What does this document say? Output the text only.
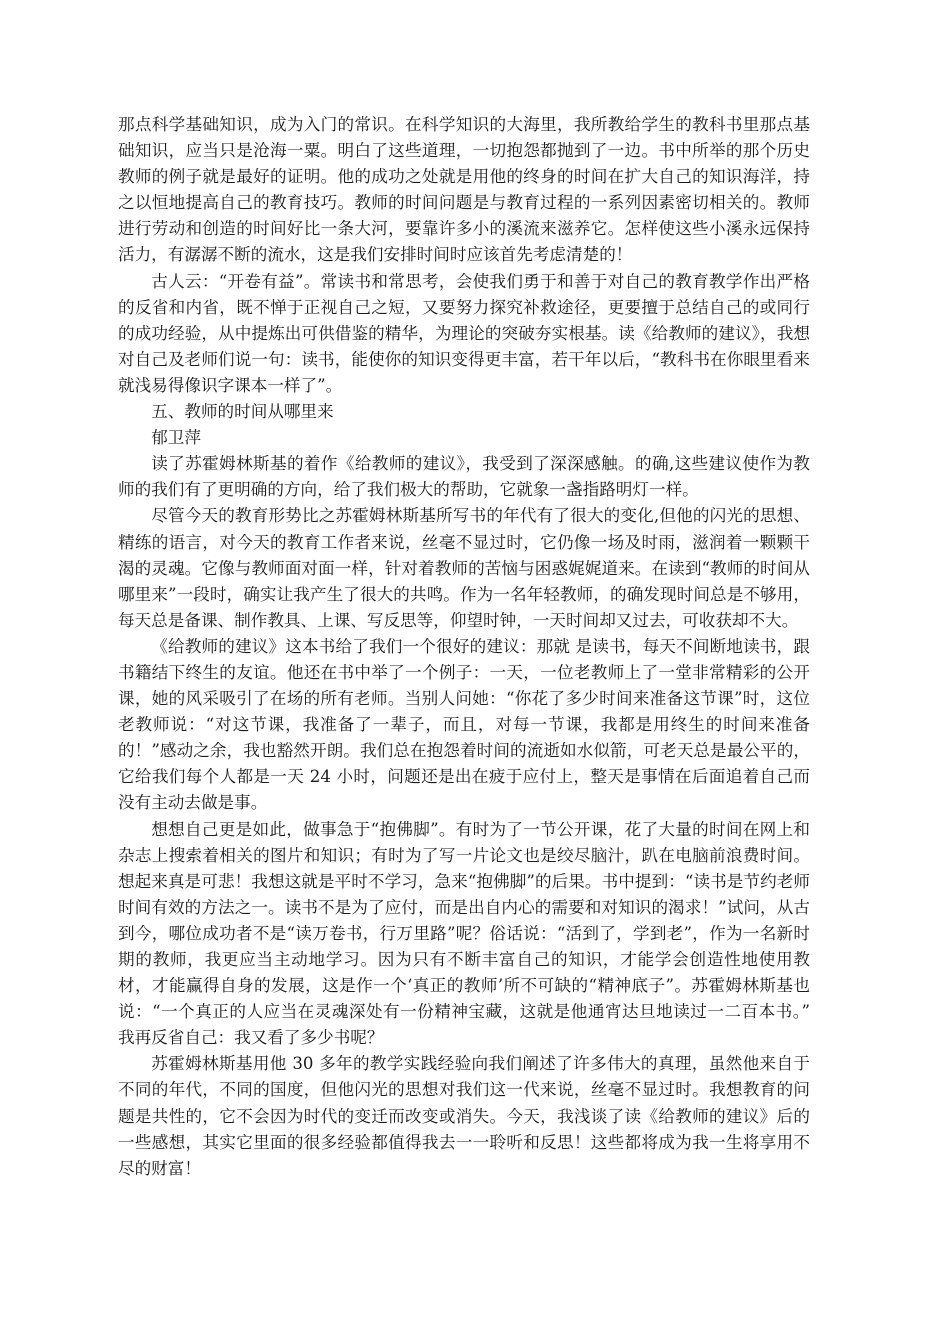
那点科学基础知识，成为入门的常识。在科学知识的大海里，我所教给学生的教科书里那点基础知识，应当只是沧海一粟。明白了这些道理，一切抱怨都抛到了一边。书中所举的那个历史教师的例子就是最好的证明。他的成功之处就是用他的终身的时间在扩大自己的知识海洋，持之以恒地提高自己的教育技巧。教师的时间问题是与教育过程的一系列因素密切相关的。教师进行劳动和创造的时间好比一条大河，要靠许多小的溪流来滋养它。怎样使这些小溪永远保持活力，有潺潺不断的流水，这是我们安排时间时应该首先考虑清楚的！

古人云：“开卷有益”。常读书和常思考，会使我们勇于和善于对自己的教育教学作出严格的反省和内省，既不惮于正视自己之短，又要努力探究补救途径，更要擅于总结自己的或同行的成功经验，从中提炼出可供借鉴的精华，为理论的突破夯实根基。读《给教师的建议》，我想对自己及老师们说一句：读书，能使你的知识变得更丰富，若干年以后，“教科书在你眼里看来就浅易得像识字课本一样了”。

五、教师的时间从哪里来

郁卫萍

读了苏霍姆林斯基的着作《给教师的建议》，我受到了深深感触。的确,这些建议使作为教师的我们有了更明确的方向，给了我们极大的帮助，它就象一盏指路明灯一样。

尽管今天的教育形势比之苏霍姆林斯基所写书的年代有了很大的变化,但他的闪光的思想、精练的语言，对今天的教育工作者来说，丝毫不显过时，它仍像一场及时雨，滋润着一颗颗干渴的灵魂。它像与教师面对面一样，针对着教师的苦恼与困惑娓娓道来。在读到“教师的时间从哪里来”一段时，确实让我产生了很大的共鸣。作为一名年轻教师，的确发现时间总是不够用，每天总是备课、制作教具、上课、写反思等，仰望时钟，一天时间却又过去，可收获却不大。

《给教师的建议》这本书给了我们一个很好的建议：那就 是读书，每天不间断地读书，跟书籍结下终生的友谊。他还在书中举了一个例子：一天，一位老教师上了一堂非常精彩的公开课，她的风采吸引了在场的所有老师。当别人问她：“你花了多少时间来准备这节课”时，这位老教师说：“对这节课，我准备了一辈子，而且，对每一节课，我都是用终生的时间来准备的！”感动之余，我也豁然开朗。我们总在抱怨着时间的流逝如水似箭，可老天总是最公平的，它给我们每个人都是一天 24 小时，问题还是出在疲于应付上，整天是事情在后面追着自己而没有主动去做是事。

想想自己更是如此，做事急于“抱佛脚”。有时为了一节公开课，花了大量的时间在网上和杂志上搜索着相关的图片和知识；有时为了写一片论文也是绞尽脑汁，趴在电脑前浪费时间。想起来真是可悲！我想这就是平时不学习，急来“抱佛脚”的后果。书中提到：“读书是节约老师时间有效的方法之一。读书不是为了应付，而是出自内心的需要和对知识的渴求！”试问，从古到今，哪位成功者不是“读万卷书，行万里路”呢？俗话说：“活到了，学到老”，作为一名新时期的教师，我更应当主动地学习。因为只有不断丰富自己的知识，才能学会创造性地使用教材，才能赢得自身的发展，这是作一个‘真正的教师’所不可缺的“精神底子”。苏霍姆林斯基也说：“一个真正的人应当在灵魂深处有一份精神宝藏，这就是他通宵达旦地读过一二百本书。” 我再反省自己：我又看了多少书呢？

苏霍姆林斯基用他 30 多年的教学实践经验向我们阐述了许多伟大的真理，虽然他来自于不同的年代，不同的国度，但他闪光的思想对我们这一代来说，丝毫不显过时。我想教育的问题是共性的，它不会因为时代的变迁而改变或消失。今天，我浅谈了读《给教师的建议》后的一些感想，其实它里面的很多经验都值得我去一一聆听和反思！这些都将成为我一生将享用不尽的财富！
